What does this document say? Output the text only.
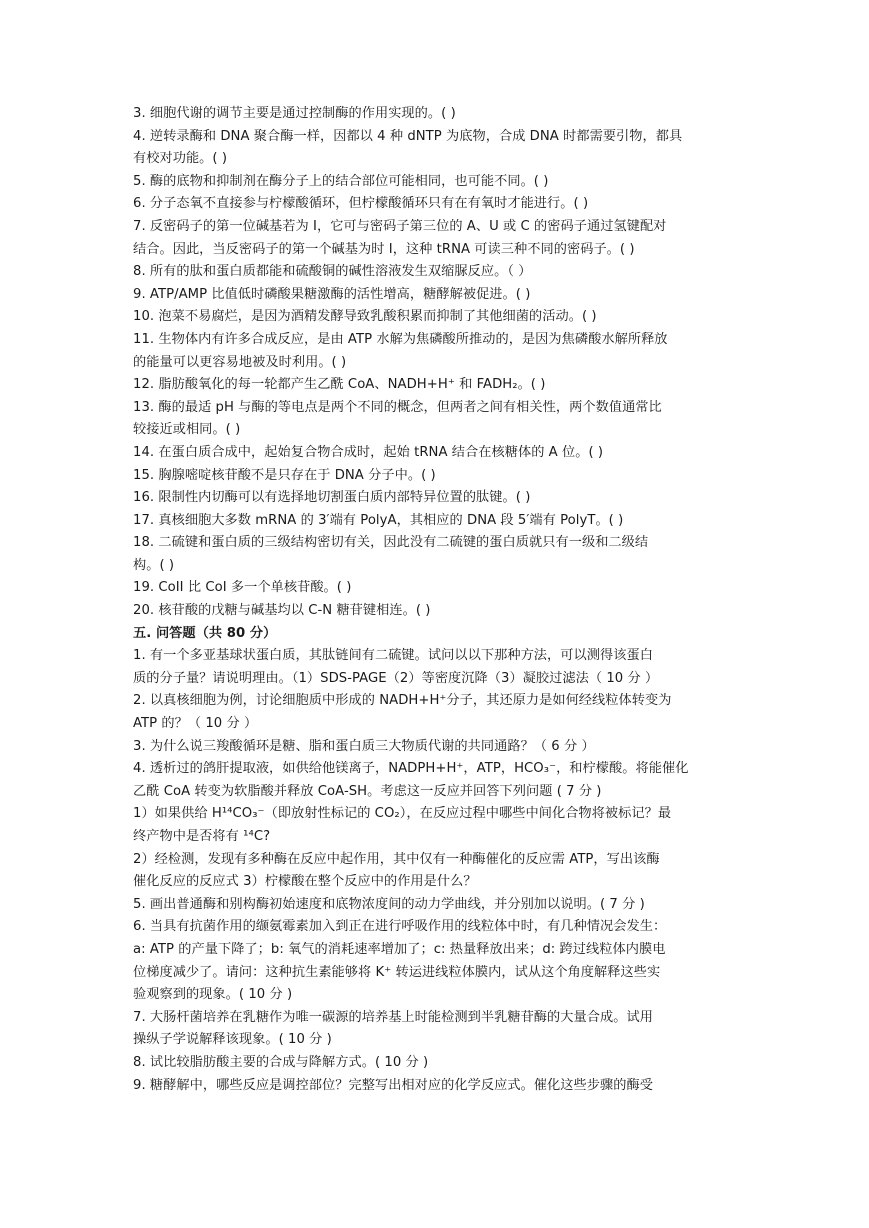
3. 细胞代谢的调节主要是通过控制酶的作用实现的。( )
4. 逆转录酶和 DNA 聚合酶一样，因都以 4 种 dNTP 为底物，合成 DNA 时都需要引物，都具
有校对功能。( )
5. 酶的底物和抑制剂在酶分子上的结合部位可能相同，也可能不同。( )
6. 分子态氧不直接参与柠檬酸循环，但柠檬酸循环只有在有氧时才能进行。( )
7. 反密码子的第一位碱基若为 I，它可与密码子第三位的 A、U 或 C 的密码子通过氢键配对
结合。因此，当反密码子的第一个碱基为时 I，这种 tRNA 可读三种不同的密码子。( )
8. 所有的肽和蛋白质都能和硫酸铜的碱性溶液发生双缩脲反应。（ ）
9. ATP/AMP 比值低时磷酸果糖激酶的活性增高，糖酵解被促进。( )
10. 泡菜不易腐烂，是因为酒精发酵导致乳酸积累而抑制了其他细菌的活动。( )
11. 生物体内有许多合成反应，是由 ATP 水解为焦磷酸所推动的，是因为焦磷酸水解所释放
的能量可以更容易地被及时利用。( )
12. 脂肪酸氧化的每一轮都产生乙酰 CoA、NADH+H⁺ 和 FADH₂。( )
13. 酶的最适 pH 与酶的等电点是两个不同的概念，但两者之间有相关性，两个数值通常比
较接近或相同。( )
14. 在蛋白质合成中，起始复合物合成时，起始 tRNA 结合在核糖体的 A 位。( )
15. 胸腺嘧啶核苷酸不是只存在于 DNA 分子中。( )
16. 限制性内切酶可以有选择地切割蛋白质内部特异位置的肽键。( )
17. 真核细胞大多数 mRNA 的 3′端有 PolyA，其相应的 DNA 段 5′端有 PolyT。( )
18. 二硫键和蛋白质的三级结构密切有关，因此没有二硫键的蛋白质就只有一级和二级结
构。( )
19. CoII 比 CoI 多一个单核苷酸。( )
20. 核苷酸的戊糖与碱基均以 C-N 糖苷键相连。( )
五. 问答题（共 80 分）
1. 有一个多亚基球状蛋白质，其肽链间有二硫键。试问以以下那种方法，可以测得该蛋白
质的分子量？请说明理由。（1）SDS-PAGE（2）等密度沉降（3）凝胶过滤法（ 10 分 ）
2. 以真核细胞为例，讨论细胞质中形成的 NADH+H⁺分子，其还原力是如何经线粒体转变为
ATP 的？（ 10 分 ）
3. 为什么说三羧酸循环是糖、脂和蛋白质三大物质代谢的共同通路？（ 6 分 ）
4. 透析过的鸽肝提取液，如供给他镁离子，NADPH+H⁺，ATP，HCO₃⁻，和柠檬酸。将能催化
乙酰 CoA 转变为软脂酸并释放 CoA-SH。考虑这一反应并回答下列问题 ( 7 分 )
1）如果供给 H¹⁴CO₃⁻（即放射性标记的 CO₂），在反应过程中哪些中间化合物将被标记？最
终产物中是否将有 ¹⁴C?
2）经检测，发现有多种酶在反应中起作用，其中仅有一种酶催化的反应需 ATP，写出该酶
催化反应的反应式 3）柠檬酸在整个反应中的作用是什么？
5. 画出普通酶和别构酶初始速度和底物浓度间的动力学曲线，并分别加以说明。( 7 分 )
6. 当具有抗菌作用的缬氨霉素加入到正在进行呼吸作用的线粒体中时，有几种情况会发生：
a: ATP 的产量下降了；b: 氧气的消耗速率增加了；c: 热量释放出来；d: 跨过线粒体内膜电
位梯度减少了。请问：这种抗生素能够将 K⁺ 转运进线粒体膜内，试从这个角度解释这些实
验观察到的现象。( 10 分 )
7. 大肠杆菌培养在乳糖作为唯一碳源的培养基上时能检测到半乳糖苷酶的大量合成。试用
操纵子学说解释该现象。( 10 分 )
8. 试比较脂肪酸主要的合成与降解方式。( 10 分 )
9. 糖酵解中，哪些反应是调控部位？完整写出相对应的化学反应式。催化这些步骤的酶受
